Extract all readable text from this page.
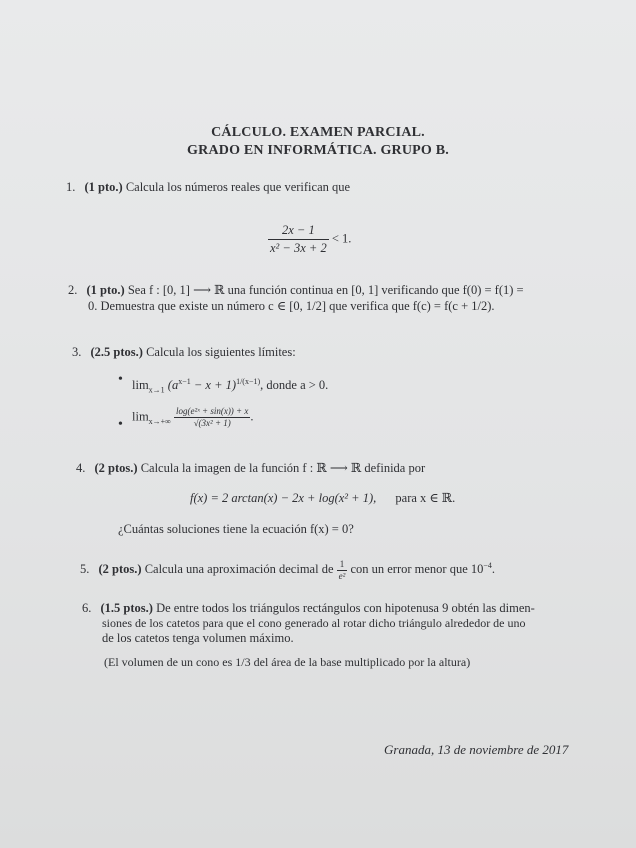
CÁLCULO. EXAMEN PARCIAL.
GRADO EN INFORMÁTICA. GRUPO B.
1. (1 pto.) Calcula los números reales que verifican que
$\frac{2x - 1}{\text{x² − 3x + 2}} < 1$.
2. (1 pto.) Sea f : [0, 1] ⟶ ℝ una función continua en [0, 1] verificando que f(0) = f(1) =
0. Demuestra que existe un número c ∈ [0, 1/2] que verifica que f(c) = f(c + 1/2).
3. (2.5 ptos.) Calcula los siguientes límites:
• $\lim_{x\to 1} (a^{x-1} - x + 1)^{1/(x-1)}$, donde a > 0.
•
$\lim_{x\to+\infty} \frac{\text{log(e²ˣ + sin(x)) + x}}{\text{√(3x² + 1)}}$ .
4. (2 ptos.) Calcula la imagen de la función f : ℝ ⟶ ℝ definida por
f(x) = 2 arctan(x) − 2x + log(x² + 1), para x ∈ ℝ.
¿Cuántas soluciones tiene la ecuación f(x) = 0?
5. (2 ptos.) Calcula una aproximación decimal de $\frac{1}{\text{e²}}$ con un error menor que $10^{-4}$.
6. (1.5 ptos.) De entre todos los triángulos rectángulos con hipotenusa 9 obtén las dimen-
siones de los catetos para que el cono generado al rotar dicho triángulo alrededor de uno
de los catetos tenga volumen máximo.
(El volumen de un cono es 1/3 del área de la base multiplicado por la altura)
Granada, 13 de noviembre de 2017
